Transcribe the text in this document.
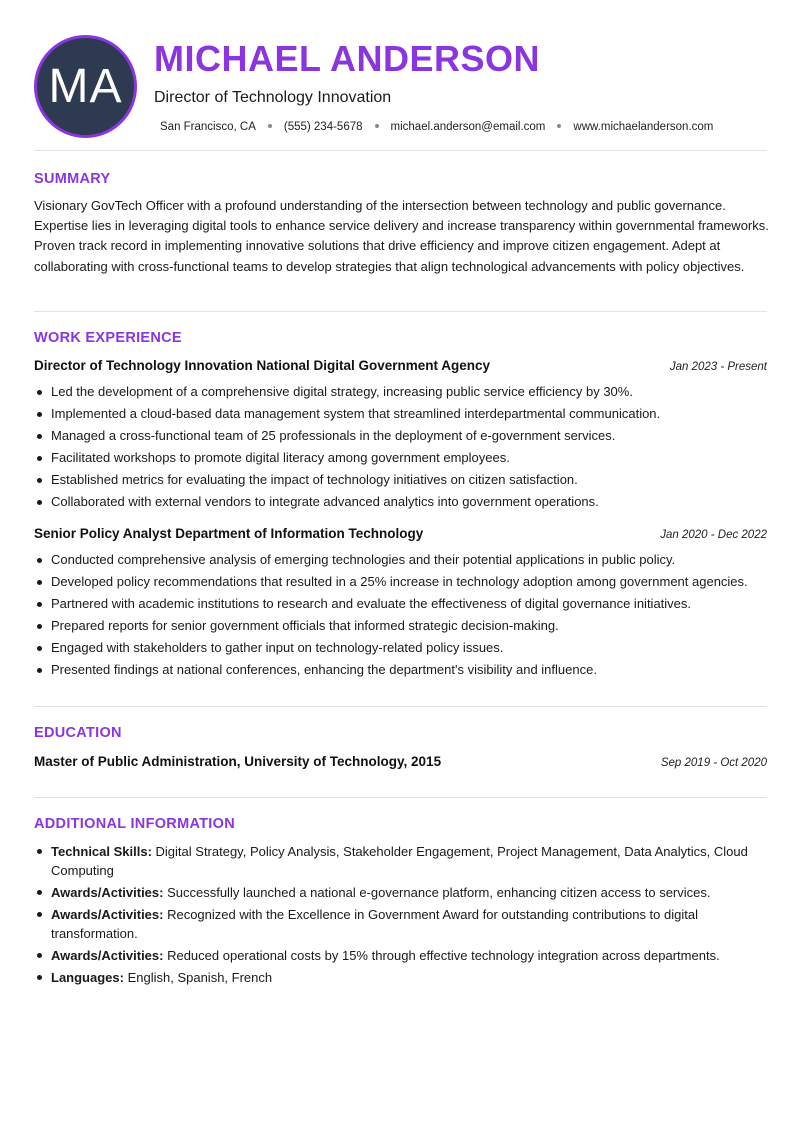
MA
MICHAEL ANDERSON
Director of Technology Innovation
San Francisco, CA (555) 234-5678 michael.anderson@email.com www.michaelanderson.com
SUMMARY

Visionary GovTech Officer with a profound understanding of the intersection between technology and public governance. Expertise lies in leveraging digital tools to enhance service delivery and increase transparency within governmental frameworks. Proven track record in implementing innovative solutions that drive efficiency and improve citizen engagement. Adept at collaborating with cross-functional teams to develop strategies that align technological advancements with policy objectives.

WORK EXPERIENCE
Director of Technology Innovation National Digital Government Agency	Jan 2023 - Present
Led the development of a comprehensive digital strategy, increasing public service efficiency by 30%.
Implemented a cloud-based data management system that streamlined interdepartmental communication.
Managed a cross-functional team of 25 professionals in the deployment of e-government services.
Facilitated workshops to promote digital literacy among government employees.
Established metrics for evaluating the impact of technology initiatives on citizen satisfaction.
Collaborated with external vendors to integrate advanced analytics into government operations.
Senior Policy Analyst Department of Information Technology	Jan 2020 - Dec 2022
Conducted comprehensive analysis of emerging technologies and their potential applications in public policy.
Developed policy recommendations that resulted in a 25% increase in technology adoption among government agencies.
Partnered with academic institutions to research and evaluate the effectiveness of digital governance initiatives.
Prepared reports for senior government officials that informed strategic decision-making.
Engaged with stakeholders to gather input on technology-related policy issues.
Presented findings at national conferences, enhancing the department's visibility and influence.
EDUCATION
Master of Public Administration, University of Technology, 2015	Sep 2019 - Oct 2020
ADDITIONAL INFORMATION
Technical Skills: Digital Strategy, Policy Analysis, Stakeholder Engagement, Project Management, Data Analytics, Cloud Computing
Awards/Activities: Successfully launched a national e-governance platform, enhancing citizen access to services.
Awards/Activities: Recognized with the Excellence in Government Award for outstanding contributions to digital transformation.
Awards/Activities: Reduced operational costs by 15% through effective technology integration across departments.
Languages: English, Spanish, French
